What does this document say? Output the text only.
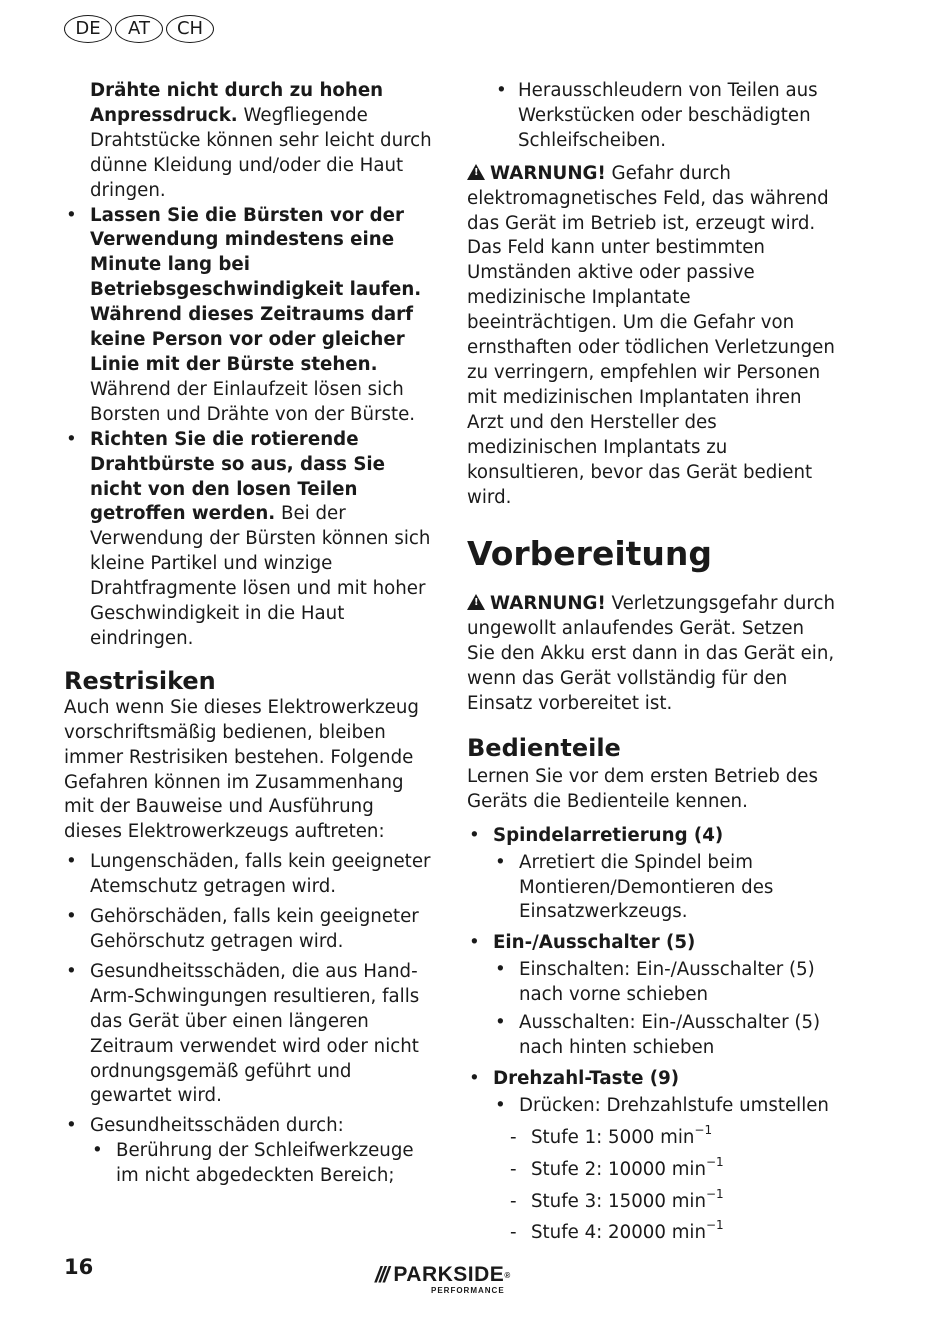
DE	AT	CH

Drähte nicht durch zu hohen Anpressdruck. Wegfliegende Drahtstücke können sehr leicht durch dünne Kleidung und/oder die Haut dringen.

• Lassen Sie die Bürsten vor der Verwendung mindestens eine Minute lang bei Betriebsgeschwindigkeit laufen. Während dieses Zeitraums darf keine Person vor oder gleicher Linie mit der Bürste stehen. Während der Einlaufzeit lösen sich Borsten und Drähte von der Bürste.
• Richten Sie die rotierende Drahtbürste so aus, dass Sie nicht von den losen Teilen getroffen werden. Bei der Verwendung der Bürsten können sich kleine Partikel und winzige Drahtfragmente lösen und mit hoher Geschwindigkeit in die Haut eindringen.
Restrisiken

Auch wenn Sie dieses Elektrowerkzeug vorschriftsmäßig bedienen, bleiben immer Restrisiken bestehen. Folgende Gefahren können im Zusammenhang mit der Bauweise und Ausführung dieses Elektrowerkzeugs auftreten:

• Lungenschäden, falls kein geeigneter Atemschutz getragen wird.
• Gehörschäden, falls kein geeigneter Gehörschutz getragen wird.
• Gesundheitsschäden, die aus Hand-Arm-Schwingungen resultieren, falls das Gerät über einen längeren Zeitraum verwendet wird oder nicht ordnungsgemäß geführt und gewartet wird.
• Gesundheitsschäden durch:
• Berührung der Schleifwerkzeuge im nicht abgedeckten Bereich;
• Herausschleudern von Teilen aus Werkstücken oder beschädigten Schleifscheiben.

!WARNUNG! Gefahr durch elektromagnetisches Feld, das während das Gerät im Betrieb ist, erzeugt wird. Das Feld kann unter bestimmten Umständen aktive oder passive medizinische Implantate beeinträchtigen. Um die Gefahr von ernsthaften oder tödlichen Verletzungen zu verringern, empfehlen wir Personen mit medizinischen Implantaten ihren Arzt und den Hersteller des medizinischen Implantats zu konsultieren, bevor das Gerät bedient wird.

Vorbereitung

!WARNUNG! Verletzungsgefahr durch ungewollt anlaufendes Gerät. Setzen Sie den Akku erst dann in das Gerät ein, wenn das Gerät vollständig für den Einsatz vorbereitet ist.

Bedienteile

Lernen Sie vor dem ersten Betrieb des Geräts die Bedienteile kennen.

• Spindelarretierung (4)
• Arretiert die Spindel beim Montieren/Demontieren des Einsatzwerkzeugs.
• Ein-/Ausschalter (5)
• Einschalten: Ein-/Ausschalter (5) nach vorne schieben
• Ausschalten: Ein-/Ausschalter (5) nach hinten schieben
• Drehzahl-Taste (9)
• Drücken: Drehzahlstufe umstellen
- Stufe 1: 5000 $\min^{-1}$
- Stufe 2: 10000 $\min^{-1}$
- Stufe 3: 15000 $\min^{-1}$
- Stufe 4: 20000 $\min^{-1}$
16	/// PARKSIDE ®
PERFORMANCE
